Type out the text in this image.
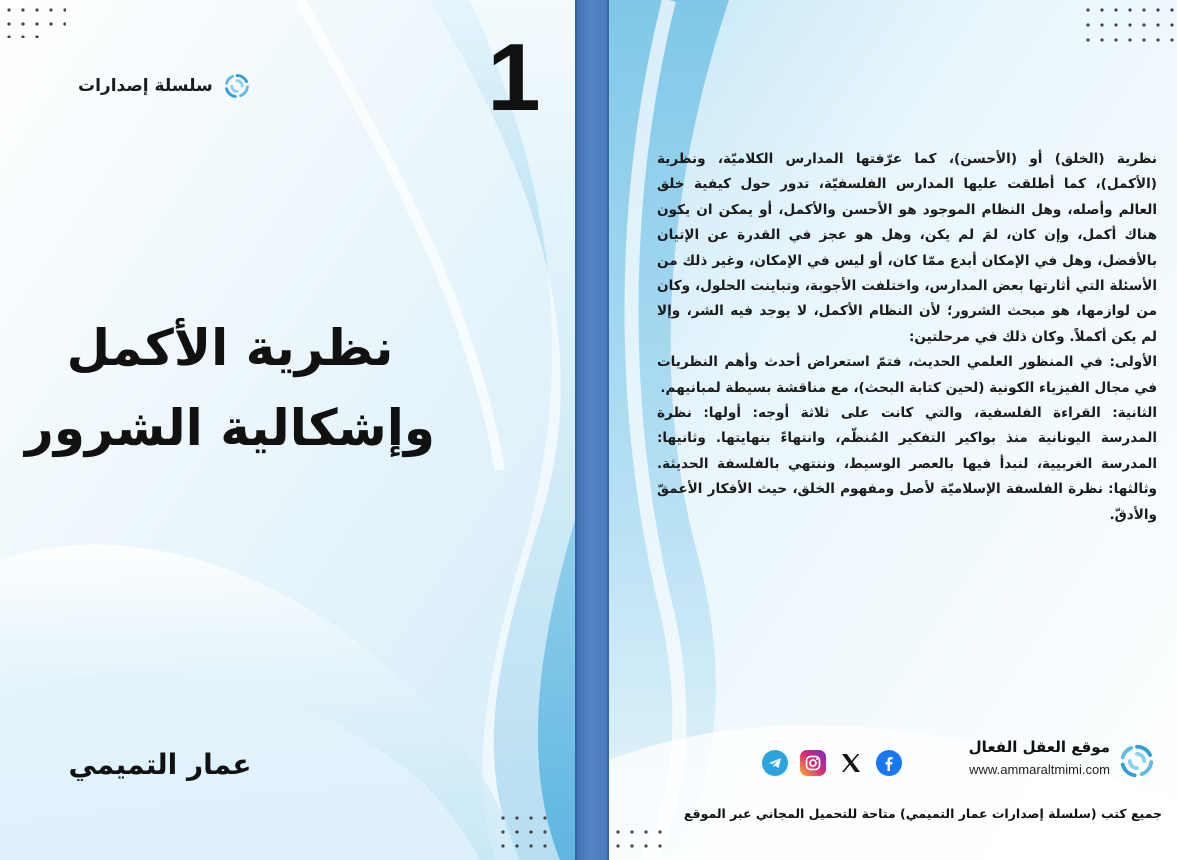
سلسلة إصدارات	1
نظرية الأكمل
وإشكالية الشرور
عمار التميمي

نظرية (الخلق) أو (الأحسن)، كما عرّفتها المدارس الكلاميّة، ونظرية (الأكمل)، كما أطلقت عليها المدارس الفلسفيّة، تدور حول كيفية خلق العالم وأصله، وهل النظام الموجود هو الأحسن والأكمل، أو يمكن ان يكون هناك أكمل، وإن كان، لمَ لم يكن، وهل هو عجز في القدرة عن الإتيان بالأفضل، وهل في الإمكان أبدع ممّا كان، أو ليس في الإمكان، وغير ذلك من الأسئلة التي أثارتها بعض المدارس، واختلفت الأجوبة، وتباينت الحلول، وكان من لوازمها، هو مبحث الشرور؛ لأن النظام الأكمل، لا يوجد فيه الشر، وإلا لم يكن أكملاً. وكان ذلك في مرحلتين:

الأولى: في المنظور العلمي الحديث، فتمّ استعراض أحدث وأهم النظريات في مجال الفيزياء الكونية (لحين كتابة البحث)، مع مناقشة بسيطة لمبانيهم.

الثانية: القراءة الفلسفية، والتي كانت على ثلاثة أوجه: أولها: نظرة المدرسة اليونانية منذ بواكير التفكير المُنظّم، وانتهاءً بنهايتها. وثانيها: المدرسة الغربيية، لنبدأ فيها بالعصر الوسيط، وننتهي بالفلسفة الحديثة. وثالثها: نظرة الفلسفة الإسلاميّة لأصل ومفهوم الخلق، حيث الأفكار الأعمقّ والأدقّ.

موقع العقل الفعال
www.ammaraltmimi.com
جميع كتب (سلسلة إصدارات عمار التميمي) متاحة للتحميل المجاني عبر الموقع
